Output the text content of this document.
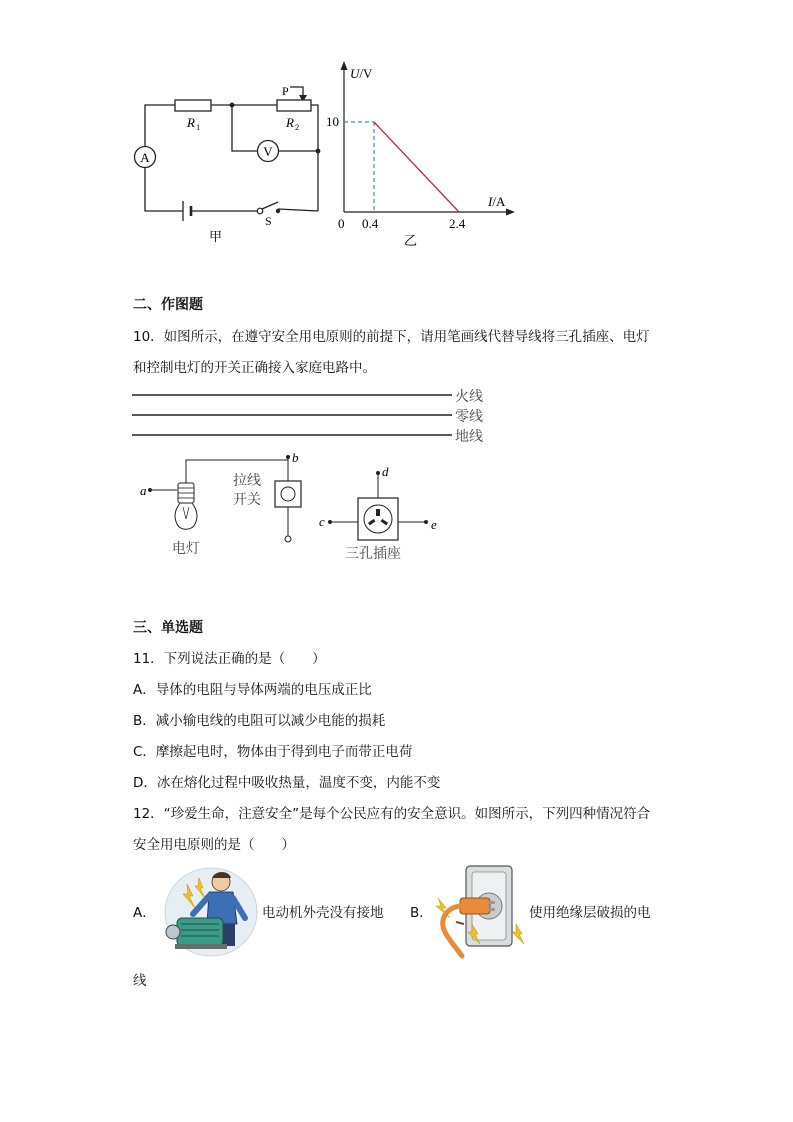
A	V
R 1	R 2
P
S
甲
U/V
I/A
10
0 0.4	2.4
乙
二、作图题
10．如图所示，在遵守安全用电原则的前提下，请用笔画线代替导线将三孔插座、电灯
和控制电灯的开关正确接入家庭电路中。
火线
零线
地线
a
电灯
b
拉线
开关
d
c	e
三孔插座
三、单选题
11．下列说法正确的是（　　）
A．导体的电阻与导体两端的电压成正比
B．减小输电线的电阻可以减少电能的损耗
C．摩擦起电时，物体由于得到电子而带正电荷
D．冰在熔化过程中吸收热量，温度不变，内能不变
12．“珍爱生命，注意安全”是每个公民应有的安全意识。如图所示，下列四种情况符合
安全用电原则的是（　　）
A．	电动机外壳没有接地 B．	使用绝缘层破损的电
线
